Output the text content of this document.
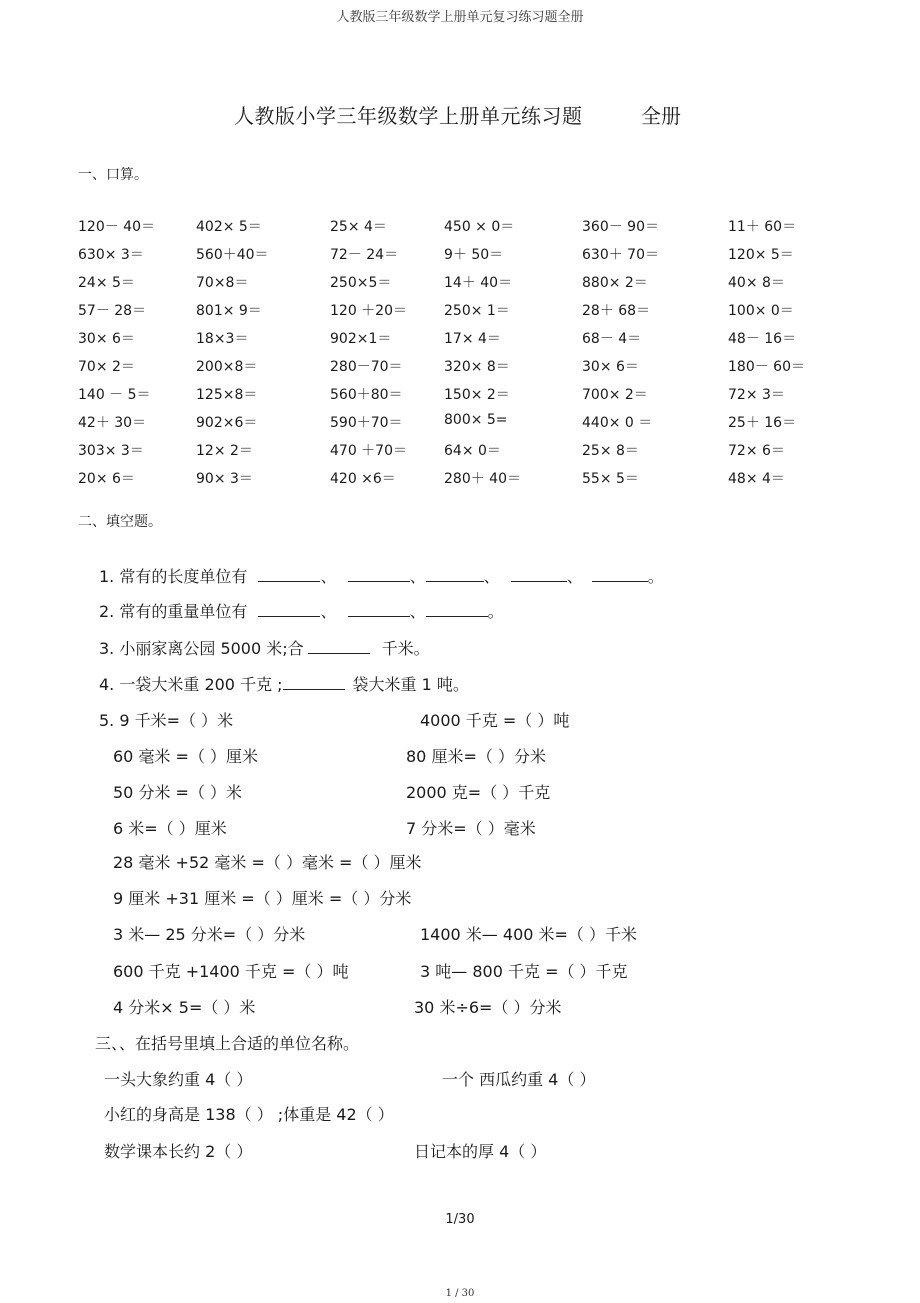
人教版三年级数学上册单元复习练习题全册
人教版小学三年级数学上册单元练习题	全册
一、口算。
120－ 40＝	402× 5＝	25× 4＝	450 × 0＝	360－ 90＝	11＋ 60＝
630× 3＝	560＋40＝	72－ 24＝	9＋ 50＝	630＋ 70＝	120× 5＝
24× 5＝	70×8＝	250×5＝	14＋ 40＝	880× 2＝	40× 8＝
57－ 28＝	801× 9＝	120 ＋20＝	250× 1＝	28＋ 68＝	100× 0＝
30× 6＝	18×3＝	902×1＝	17× 4＝	68－ 4＝	48－ 16＝
70× 2＝	200×8＝	280－70＝	320× 8＝	30× 6＝	180－ 60＝
140 － 5＝	125×8＝	560＋80＝	150× 2＝	700× 2＝	72× 3＝
42＋ 30＝	902×6＝	590＋70＝	800× 5=	440× 0 ＝	25＋ 16＝
303× 3＝	12× 2＝	470 ＋70＝	64× 0＝	25× 8＝	72× 6＝
20× 6＝	90× 3＝	420 ×6＝	280＋ 40＝	55× 5＝	48× 4＝
二、填空题。
1. 常有的长度单位有	、	、	、	、	。
2. 常有的重量单位有	、	、	。
3. 小丽家离公园 5000 米;合	千米。
4. 一袋大米重 200 千克 ;	袋大米重 1 吨。
5. 9 千米=（ ）米	4000 千克 =（ ）吨
60 毫米 =（ ）厘米	80 厘米=（ ）分米
50 分米 =（ ）米	2000 克=（ ）千克
6 米=（ ）厘米	7 分米=（ ）毫米
28 毫米 +52 毫米 =（ ）毫米 =（ ）厘米
9 厘米 +31 厘米 =（ ）厘米 =（ ）分米
3 米— 25 分米=（ ）分米	1400 米— 400 米=（ ）千米
600 千克 +1400 千克 =（ ）吨	3 吨— 800 千克 =（ ）千克
4 分米× 5=（ ）米	30 米÷6=（ ）分米
三、、在括号里填上合适的单位名称。
一头大象约重 4（ ）	一个 西瓜约重 4（ ）
小红的身高是 138（ ） ;体重是 42（ ）
数学课本长约 2（ ）	日记本的厚 4（ ）
1/30
1 / 30
